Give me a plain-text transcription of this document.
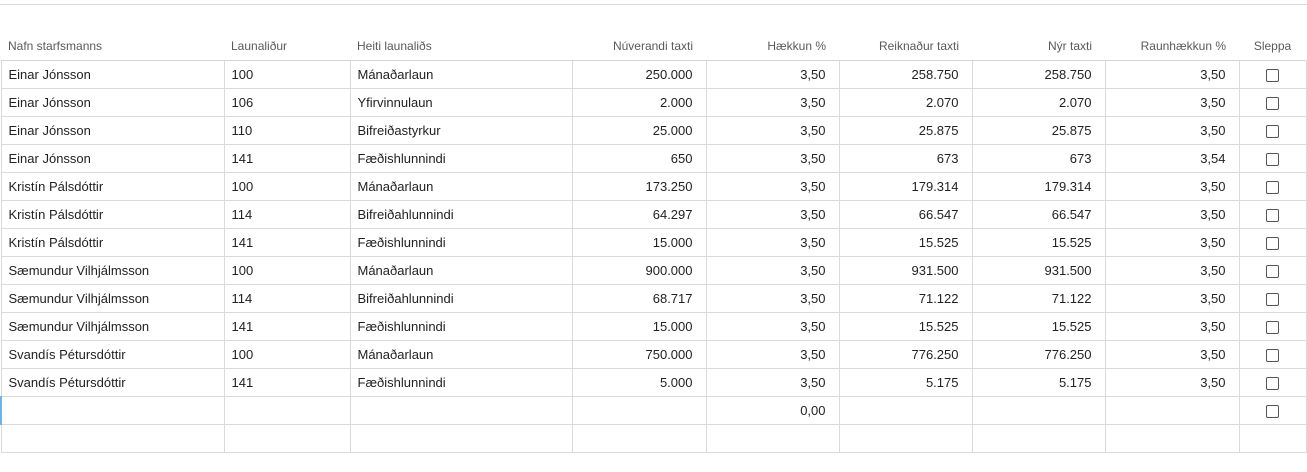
Nafn starfsmanns	Launaliður	Heiti launaliðs	Núverandi taxti	Hækkun %	Reiknaður taxti	Nýr taxti	Raunhækkun %	Sleppa
Einar Jónsson	100	Mánaðarlaun	250.000	3,50	258.750	258.750	3,50	
Einar Jónsson	106	Yfirvinnulaun	2.000	3,50	2.070	2.070	3,50	
Einar Jónsson	110	Bifreiðastyrkur	25.000	3,50	25.875	25.875	3,50	
Einar Jónsson	141	Fæðishlunnindi	650	3,50	673	673	3,54	
Kristín Pálsdóttir	100	Mánaðarlaun	173.250	3,50	179.314	179.314	3,50	
Kristín Pálsdóttir	114	Bifreiðahlunnindi	64.297	3,50	66.547	66.547	3,50	
Kristín Pálsdóttir	141	Fæðishlunnindi	15.000	3,50	15.525	15.525	3,50	
Sæmundur Vilhjálmsson	100	Mánaðarlaun	900.000	3,50	931.500	931.500	3,50	
Sæmundur Vilhjálmsson	114	Bifreiðahlunnindi	68.717	3,50	71.122	71.122	3,50	
Sæmundur Vilhjálmsson	141	Fæðishlunnindi	15.000	3,50	15.525	15.525	3,50	
Svandís Pétursdóttir	100	Mánaðarlaun	750.000	3,50	776.250	776.250	3,50	
Svandís Pétursdóttir	141	Fæðishlunnindi	5.000	3,50	5.175	5.175	3,50	
				0,00				
